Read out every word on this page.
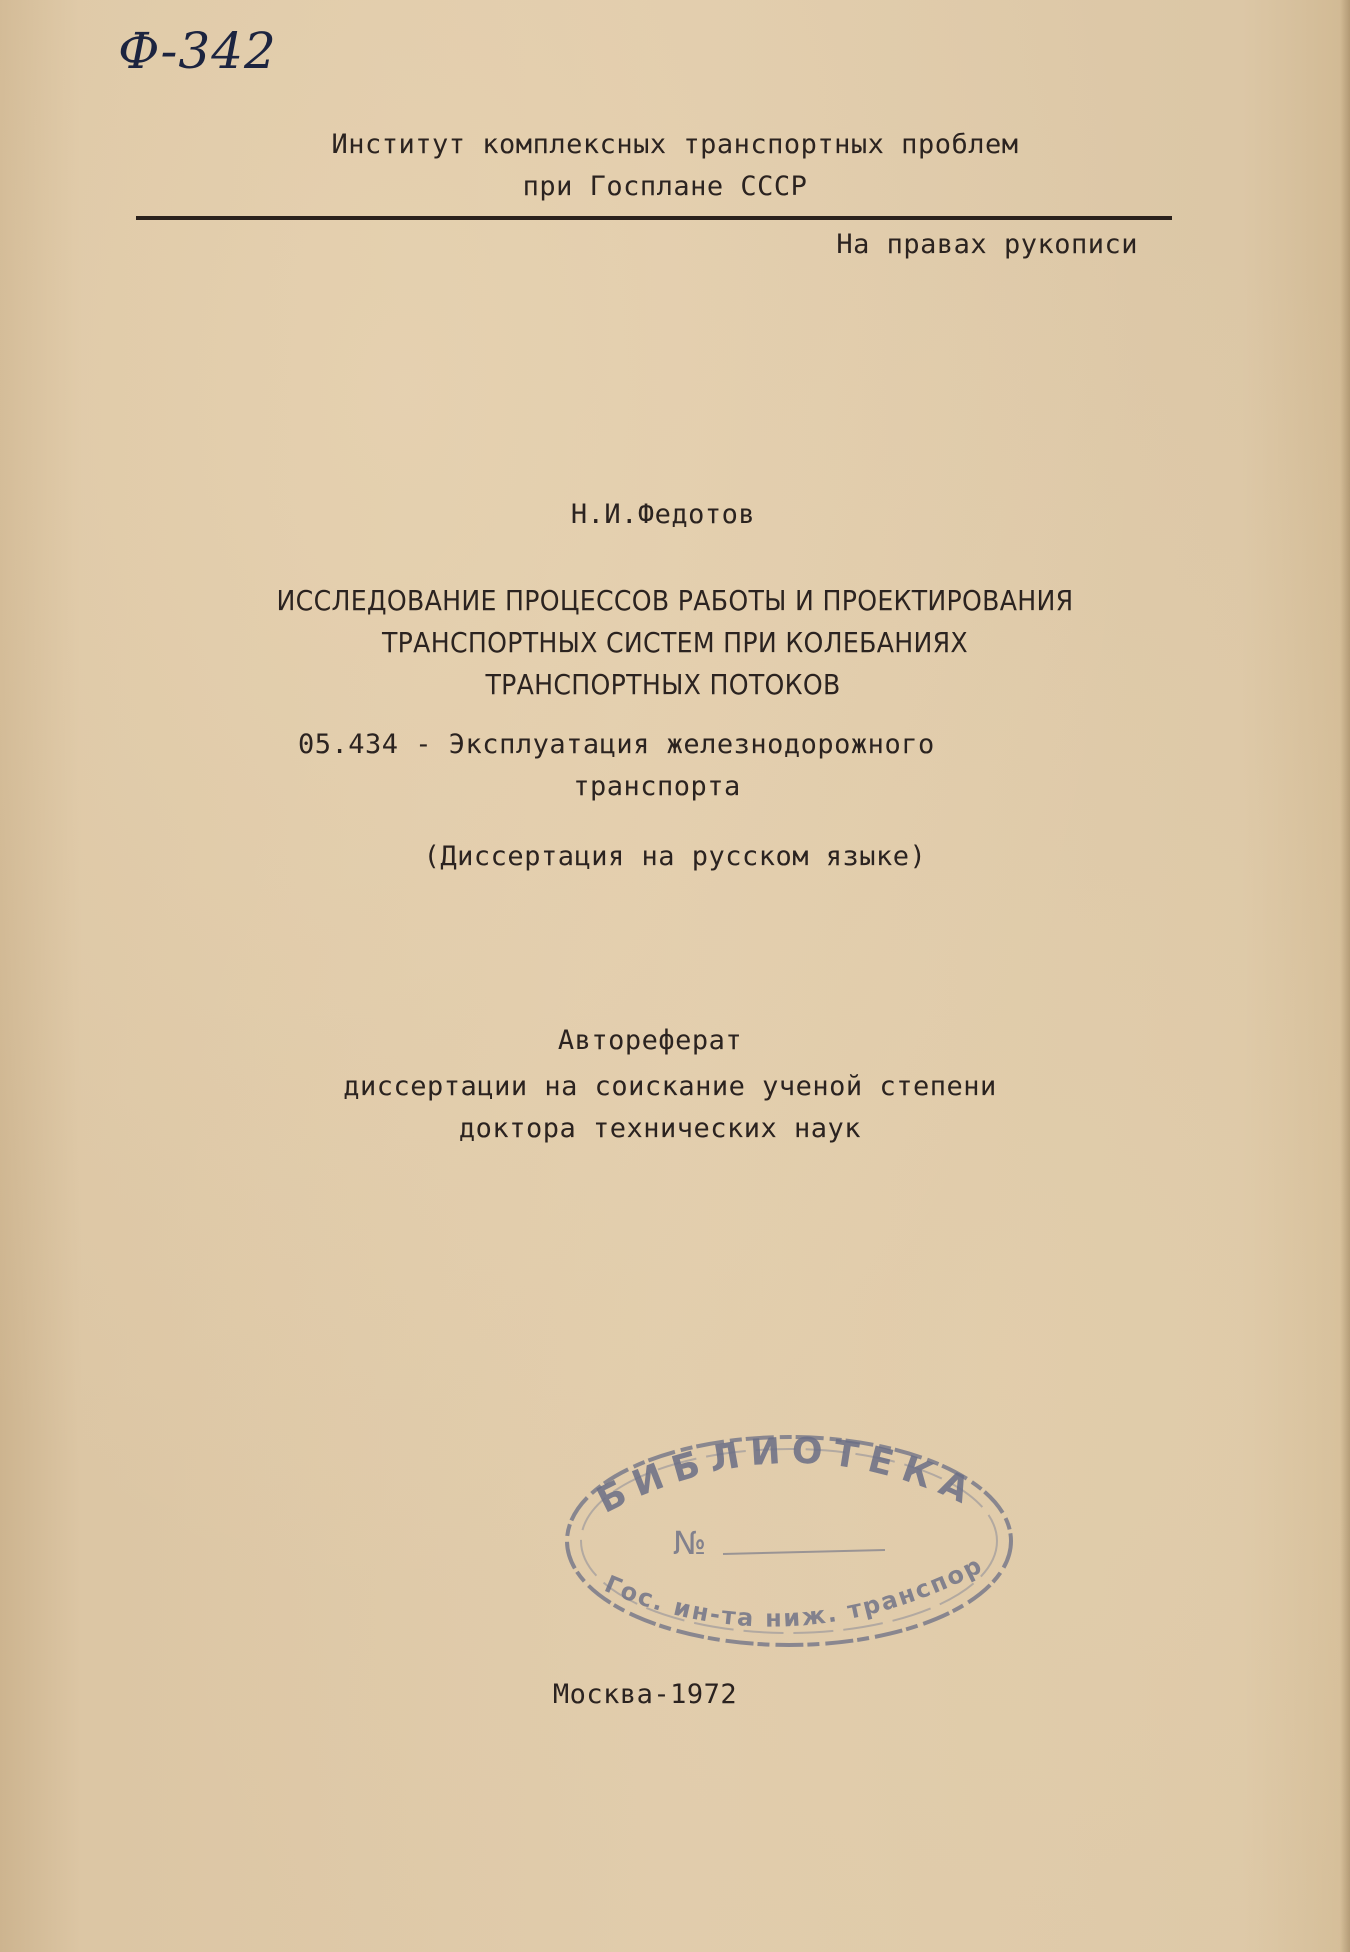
Ф-342
Институт комплексных транспортных проблем
при Госплане СССР
На правах рукописи
Н.И.Федотов
ИССЛЕДОВАНИЕ ПРОЦЕССОВ РАБОТЫ И ПРОЕКТИРОВАНИЯ
ТРАНСПОРТНЫХ СИСТЕМ ПРИ КОЛЕБАНИЯХ
ТРАНСПОРТНЫХ ПОТОКОВ
05.434 - Эксплуатация железнодорожного
транспорта
(Диссертация на русском языке)
Автореферат
диссертации на соискание ученой степени
доктора технических наук
БИБЛИОТЕКА
№
Гос. ин-та ниж. транспор
Москва-1972
